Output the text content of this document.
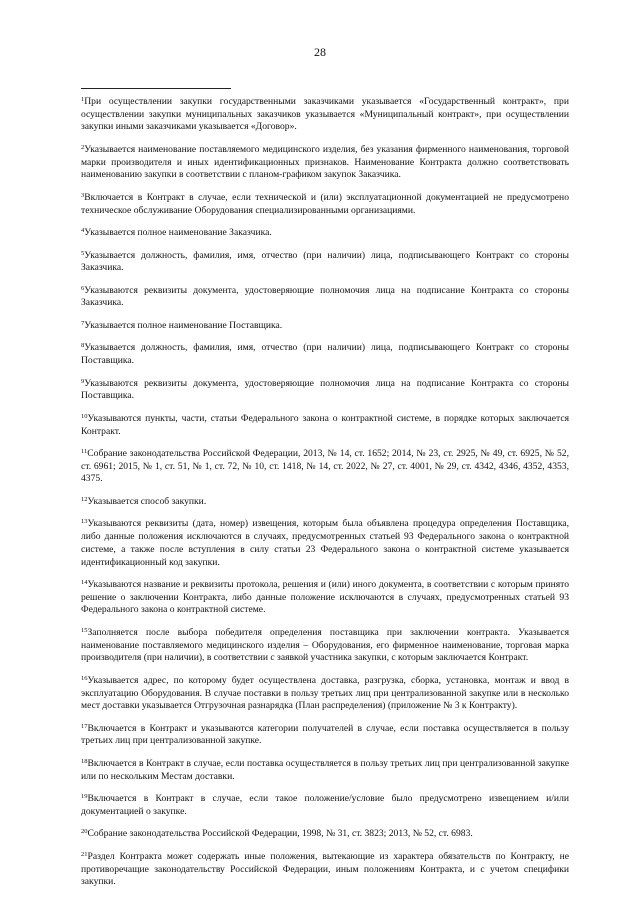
28

$^1$При осуществлении закупки государственными заказчиками указывается «Государственный контракт», при осуществлении закупки муниципальных заказчиков указывается «Муниципальный контракт», при осуществлении закупки иными заказчиками указывается «Договор».

$^2$Указывается наименование поставляемого медицинского изделия, без указания фирменного наименования, торговой марки производителя и иных идентификационных признаков. Наименование Контракта должно соответствовать наименованию закупки в соответствии с планом-графиком закупок Заказчика.

$^3$Включается в Контракт в случае, если технической и (или) эксплуатационной документацией не предусмотрено техническое обслуживание Оборудования специализированными организациями.

$^4$Указывается полное наименование Заказчика.

$^5$Указывается должность, фамилия, имя, отчество (при наличии) лица, подписывающего Контракт со стороны Заказчика.

$^6$Указываются реквизиты документа, удостоверяющие полномочия лица на подписание Контракта со стороны Заказчика.

$^7$Указывается полное наименование Поставщика.

$^8$Указывается должность, фамилия, имя, отчество (при наличии) лица, подписывающего Контракт со стороны Поставщика.

$^9$Указываются реквизиты документа, удостоверяющие полномочия лица на подписание Контракта со стороны Поставщика.

$^{10}$Указываются пункты, части, статьи Федерального закона о контрактной системе, в порядке которых заключается Контракт.

$^{11}$Собрание законодательства Российской Федерации, 2013, № 14, ст. 1652; 2014, № 23, ст. 2925, № 49, ст. 6925, № 52, ст. 6961; 2015, № 1, ст. 51, № 1, ст. 72, № 10, ст. 1418, № 14, ст. 2022, № 27, ст. 4001, № 29, ст. 4342, 4346, 4352, 4353, 4375.

$^{12}$Указывается способ закупки.

$^{13}$Указываются реквизиты (дата, номер) извещения, которым была объявлена процедура определения Поставщика, либо данные положения исключаются в случаях, предусмотренных статьей 93 Федерального закона о контрактной системе, а также после вступления в силу статьи 23 Федерального закона о контрактной системе указывается идентификационный код закупки.

$^{14}$Указываются название и реквизиты протокола, решения и (или) иного документа, в соответствии с которым принято решение о заключении Контракта, либо данные положение исключаются в случаях, предусмотренных статьей 93 Федерального закона о контрактной системе.

$^{15}$Заполняется после выбора победителя определения поставщика при заключении контракта. Указывается наименование поставляемого медицинского изделия – Оборудования, его фирменное наименование, торговая марка производителя (при наличии), в соответствии с заявкой участника закупки, с которым заключается Контракт.

$^{16}$Указывается адрес, по которому будет осуществлена доставка, разгрузка, сборка, установка, монтаж и ввод в эксплуатацию Оборудования. В случае поставки в пользу третьих лиц при централизованной закупке или в несколько мест доставки указывается Отгрузочная разнарядка (План распределения) (приложение № 3 к Контракту).

$^{17}$Включается в Контракт и указываются категории получателей в случае, если поставка осуществляется в пользу третьих лиц при централизованной закупке.

$^{18}$Включается в Контракт в случае, если поставка осуществляется в пользу третьих лиц при централизованной закупке или по нескольким Местам доставки.

$^{19}$Включается в Контракт в случае, если такое положение/условие было предусмотрено извещением и/или документацией о закупке.

$^{20}$Собрание законодательства Российской Федерации, 1998, № 31, ст. 3823; 2013, № 52, ст. 6983.

$^{21}$Раздел Контракта может содержать иные положения, вытекающие из характера обязательств по Контракту, не противоречащие законодательству Российской Федерации, иным положениям Контракта, и с учетом специфики закупки.
